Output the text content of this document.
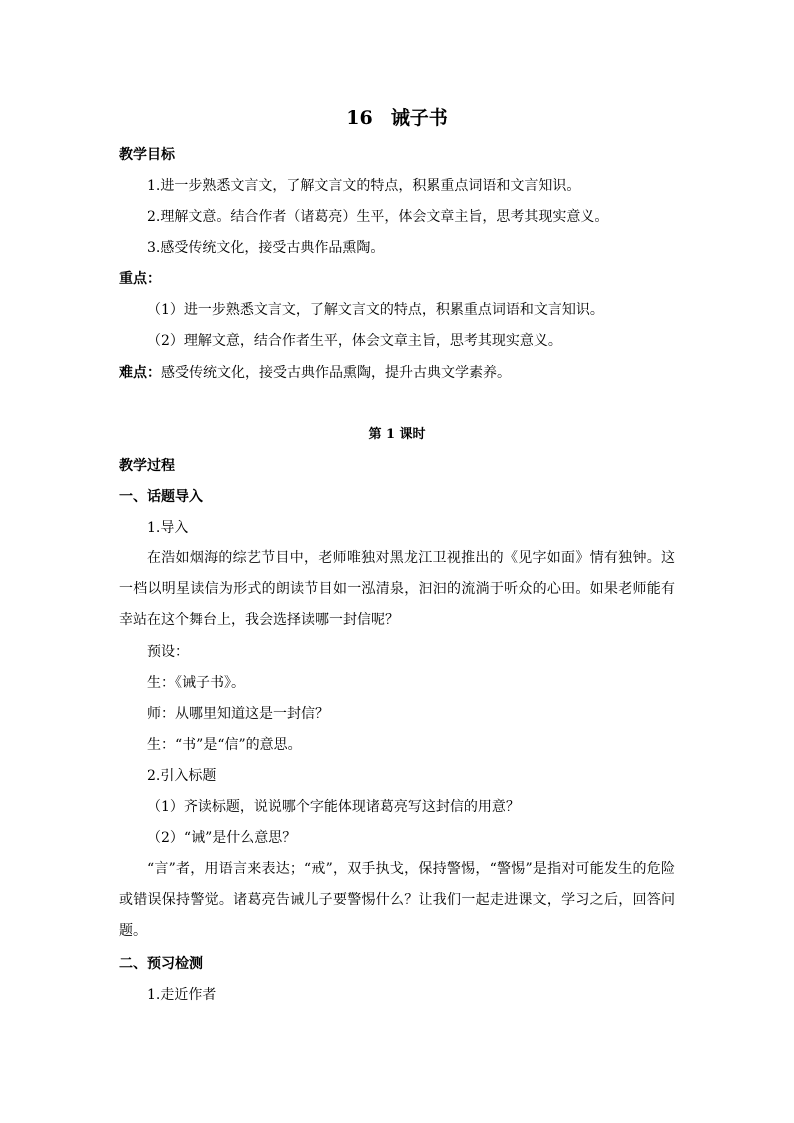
16 诫子书
教学目标
1.进一步熟悉文言文，了解文言文的特点，积累重点词语和文言知识。
2.理解文意。结合作者（诸葛亮）生平，体会文章主旨，思考其现实意义。
3.感受传统文化，接受古典作品熏陶。
重点：
（1）进一步熟悉文言文，了解文言文的特点，积累重点词语和文言知识。
（2）理解文意，结合作者生平，体会文章主旨，思考其现实意义。
难点：感受传统文化，接受古典作品熏陶，提升古典文学素养。
第 1 课时
教学过程
一、话题导入
1.导入
在浩如烟海的综艺节目中，老师唯独对黑龙江卫视推出的《见字如面》情有独钟。这一档以明星读信为形式的朗读节目如一泓清泉，汩汩的流淌于听众的心田。如果老师能有幸站在这个舞台上，我会选择读哪一封信呢？
预设：
生：《诫子书》。
师：从哪里知道这是一封信？
生：“书”是“信”的意思。
2.引入标题
（1）齐读标题，说说哪个字能体现诸葛亮写这封信的用意？
（2）“诫”是什么意思？
“言”者，用语言来表达；“戒”，双手执戈，保持警惕，“警惕”是指对可能发生的危险或错误保持警觉。诸葛亮告诫儿子要警惕什么？让我们一起走进课文，学习之后，回答问题。
二、预习检测
1.走近作者
